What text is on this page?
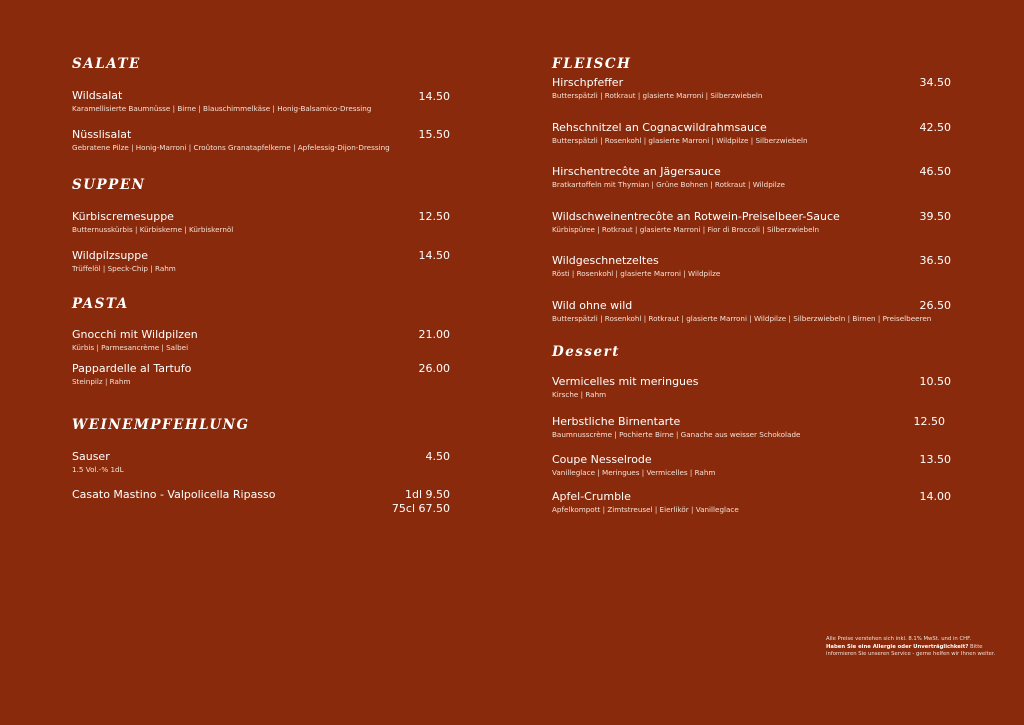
SALATE
Wildsalat
Karamellisierte Baumnüsse | Birne | Blauschimmelkäse | Honig-Balsamico-Dressing
14.50
Nüsslisalat
Gebratene Pilze | Honig-Marroni | Croûtons Granatapfelkerne | Apfelessig-Dijon-Dressing
15.50
SUPPEN
Kürbiscremesuppe
Butternusskürbis | Kürbiskerne | Kürbiskernöl
12.50
Wildpilzsuppe
Trüffelöl | Speck-Chip | Rahm
14.50
PASTA
Gnocchi mit Wildpilzen
Kürbis | Parmesancrème | Salbei
21.00
Pappardelle al Tartufo
Steinpilz | Rahm
26.00
WEINEMPFEHLUNG
Sauser
1.5 Vol.-% 1dL
4.50
Casato Mastino - Valpolicella Ripasso	1dl 9.50
75cl 67.50
FLEISCH
Hirschpfeffer
Butterspätzli | Rotkraut | glasierte Marroni | Silberzwiebeln
34.50
Rehschnitzel an Cognacwildrahmsauce
Butterspätzli | Rosenkohl | glasierte Marroni | Wildpilze | Silberzwiebeln
42.50
Hirschentrecôte an Jägersauce
Bratkartoffeln mit Thymian | Grüne Bohnen | Rotkraut | Wildpilze
46.50
Wildschweinentrecôte an Rotwein-Preiselbeer-Sauce
Kürbispüree | Rotkraut | glasierte Marroni | Fior di Broccoli | Silberzwiebeln
39.50
Wildgeschnetzeltes
Rösti | Rosenkohl | glasierte Marroni | Wildpilze
36.50
Wild ohne wild
Butterspätzli | Rosenkohl | Rotkraut | glasierte Marroni | Wildpilze | Silberzwiebeln | Birnen | Preiselbeeren
26.50
Dessert
Vermicelles mit meringues
Kirsche | Rahm
10.50
Herbstliche Birnentarte
Baumnusscrème | Pochierte Birne | Ganache aus weisser Schokolade
12.50
Coupe Nesselrode
Vanilleglace | Meringues | Vermicelles | Rahm
13.50
Apfel-Crumble
Apfelkompott | Zimtstreusel | Eierlikör | Vanilleglace
14.00
Alle Preise verstehen sich inkl. 8.1% MwSt. und in CHF.
Haben Sie eine Allergie oder Unverträglichkeit? Bitte informieren Sie unseren Service - gerne helfen wir Ihnen weiter.
